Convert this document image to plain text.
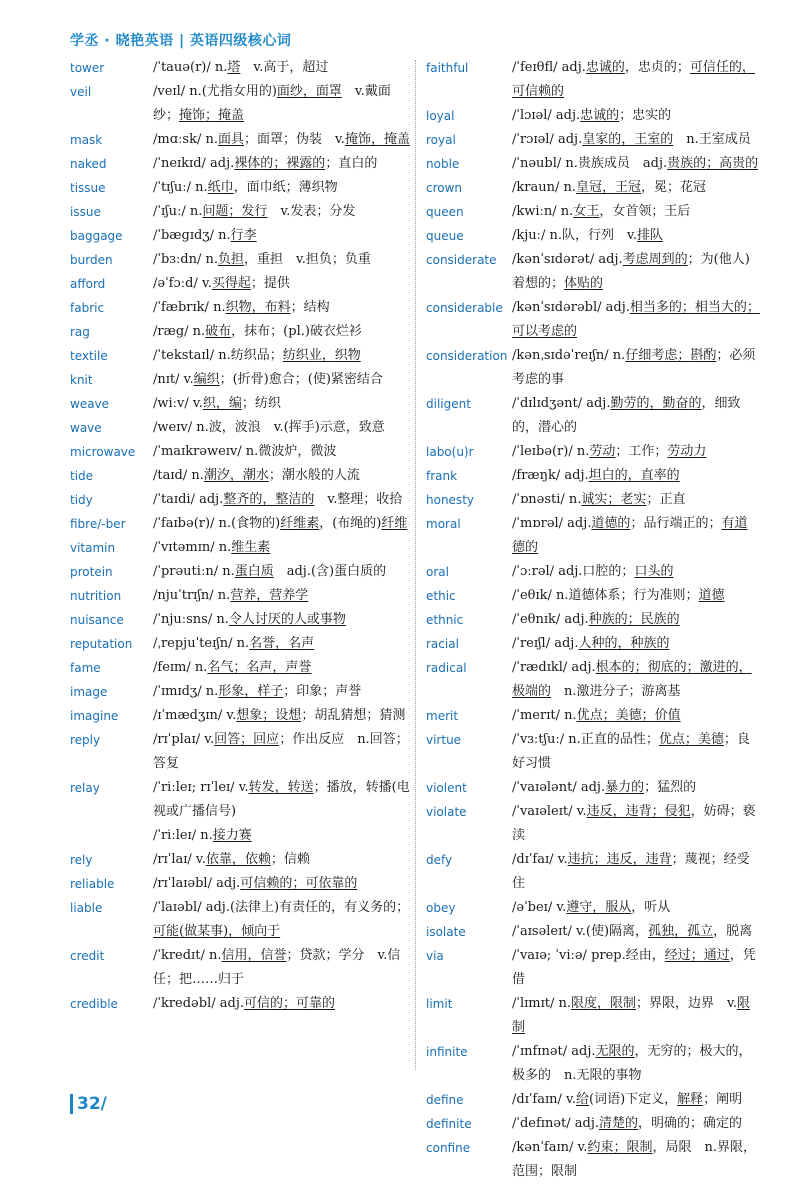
学丞 · 晓艳英语 | 英语四级核心词
tower	/ˈtauə(r)/ n.塔　v.高于，超过
veil	/veɪl/ n.(尤指女用的)面纱，面罩　v.戴面纱；掩饰；掩盖
mask	/mɑːsk/ n.面具；面罩；伪装　v.掩饰，掩盖
naked	/ˈneɪkɪd/ adj.裸体的；裸露的；直白的
tissue	/ˈtɪʃuː/ n.纸巾，面巾纸；薄织物
issue	/ˈɪʃuː/ n.问题；发行　v.发表；分发
baggage	/ˈbægɪdʒ/ n.行李
burden	/ˈbɜːdn/ n.负担，重担　v.担负；负重
afford	/əˈfɔːd/ v.买得起；提供
fabric	/ˈfæbrɪk/ n.织物，布料；结构
rag	/ræg/ n.破布，抹布；(pl.)破衣烂衫
textile	/ˈtekstaɪl/ n.纺织品；纺织业，织物
knit	/nɪt/ v.编织；(折骨)愈合；(使)紧密结合
weave	/wiːv/ v.织，编；纺织
wave	/weɪv/ n.波，波浪　v.(挥手)示意，致意
microwave	/ˈmaɪkrəweɪv/ n.微波炉，微波
tide	/taɪd/ n.潮汐，潮水；潮水般的人流
tidy	/ˈtaɪdi/ adj.整齐的，整洁的　v.整理；收拾
fibre/-ber	/ˈfaɪbə(r)/ n.(食物的)纤维素，(布绳的)纤维
vitamin	/ˈvɪtəmɪn/ n.维生素
protein	/ˈprəutiːn/ n.蛋白质　adj.(含)蛋白质的
nutrition	/njuˈtrɪʃn/ n.营养，营养学
nuisance	/ˈnjuːsns/ n.令人讨厌的人或事物
reputation	/ˌrepjuˈteɪʃn/ n.名誉，名声
fame	/feɪm/ n.名气；名声，声誉
image	/ˈɪmɪdʒ/ n.形象，样子；印象；声誉
imagine	/ɪˈmædʒɪn/ v.想象；设想；胡乱猜想；猜测
reply	/rɪˈplaɪ/ v.回答；回应；作出反应　n.回答；答复
relay	/ˈriːleɪ; rɪˈleɪ/ v.转发，转送；播放，转播(电视或广播信号)
/ˈriːleɪ/ n.接力赛
rely	/rɪˈlaɪ/ v.依靠，依赖；信赖
reliable	/rɪˈlaɪəbl/ adj.可信赖的；可依靠的
liable	/ˈlaɪəbl/ adj.(法律上)有责任的，有义务的；可能(做某事)，倾向于
credit	/ˈkredɪt/ n.信用，信誉；贷款；学分　v.信任；把……归于
credible	/ˈkredəbl/ adj.可信的；可靠的
faithful	/ˈfeɪθfl/ adj.忠诚的，忠贞的；可信任的，可信赖的
loyal	/ˈlɔɪəl/ adj.忠诚的；忠实的
royal	/ˈrɔɪəl/ adj.皇家的，王室的　n.王室成员
noble	/ˈnəubl/ n.贵族成员　adj.贵族的；高贵的
crown	/kraun/ n.皇冠，王冠，冕；花冠
queen	/kwiːn/ n.女王，女首领；王后
queue	/kjuː/ n.队，行列　v.排队
considerate	/kənˈsɪdərət/ adj.考虑周到的；为(他人)着想的；体贴的
considerable /kənˈsɪdərəbl/ adj.相当多的；相当大的；可以考虑的
consideration /kənˌsɪdəˈreɪʃn/ n.仔细考虑；斟酌；必须考虑的事
diligent	/ˈdɪlɪdʒənt/ adj.勤劳的，勤奋的，细致的，潜心的
labo(u)r	/ˈleɪbə(r)/ n.劳动；工作；劳动力
frank	/fræŋk/ adj.坦白的，直率的
honesty	/ˈɒnəsti/ n.诚实；老实；正直
moral	/ˈmɒrəl/ adj.道德的；品行端正的；有道德的
oral	/ˈɔːrəl/ adj.口腔的；口头的
ethic	/ˈeθɪk/ n.道德体系；行为准则；道德
ethnic	/ˈeθnɪk/ adj.种族的；民族的
racial	/ˈreɪʃl/ adj.人种的，种族的
radical	/ˈrædɪkl/ adj.根本的；彻底的；激进的，极端的　n.激进分子；游离基
merit	/ˈmerɪt/ n.优点；美德；价值
virtue	/ˈvɜːtʃuː/ n.正直的品性；优点；美德；良好习惯
violent	/ˈvaɪələnt/ adj.暴力的；猛烈的
violate	/ˈvaɪəleɪt/ v.违反，违背；侵犯，妨碍；亵渎
defy	/dɪˈfaɪ/ v.违抗；违反，违背；蔑视；经受住
obey	/əˈbeɪ/ v.遵守，服从，听从
isolate	/ˈaɪsəleɪt/ v.(使)隔离，孤独，孤立，脱离
via	/ˈvaɪə; ˈviːə/ prep.经由，经过；通过，凭借
limit	/ˈlɪmɪt/ n.限度，限制；界限，边界　v.限制
infinite	/ˈɪnfɪnət/ adj.无限的，无穷的；极大的，极多的　n.无限的事物
define	/dɪˈfaɪn/ v.给(词语)下定义，解释；阐明
definite	/ˈdefɪnət/ adj.清楚的，明确的；确定的
confine	/kənˈfaɪn/ v.约束；限制，局限　n.界限，范围；限制
32/
